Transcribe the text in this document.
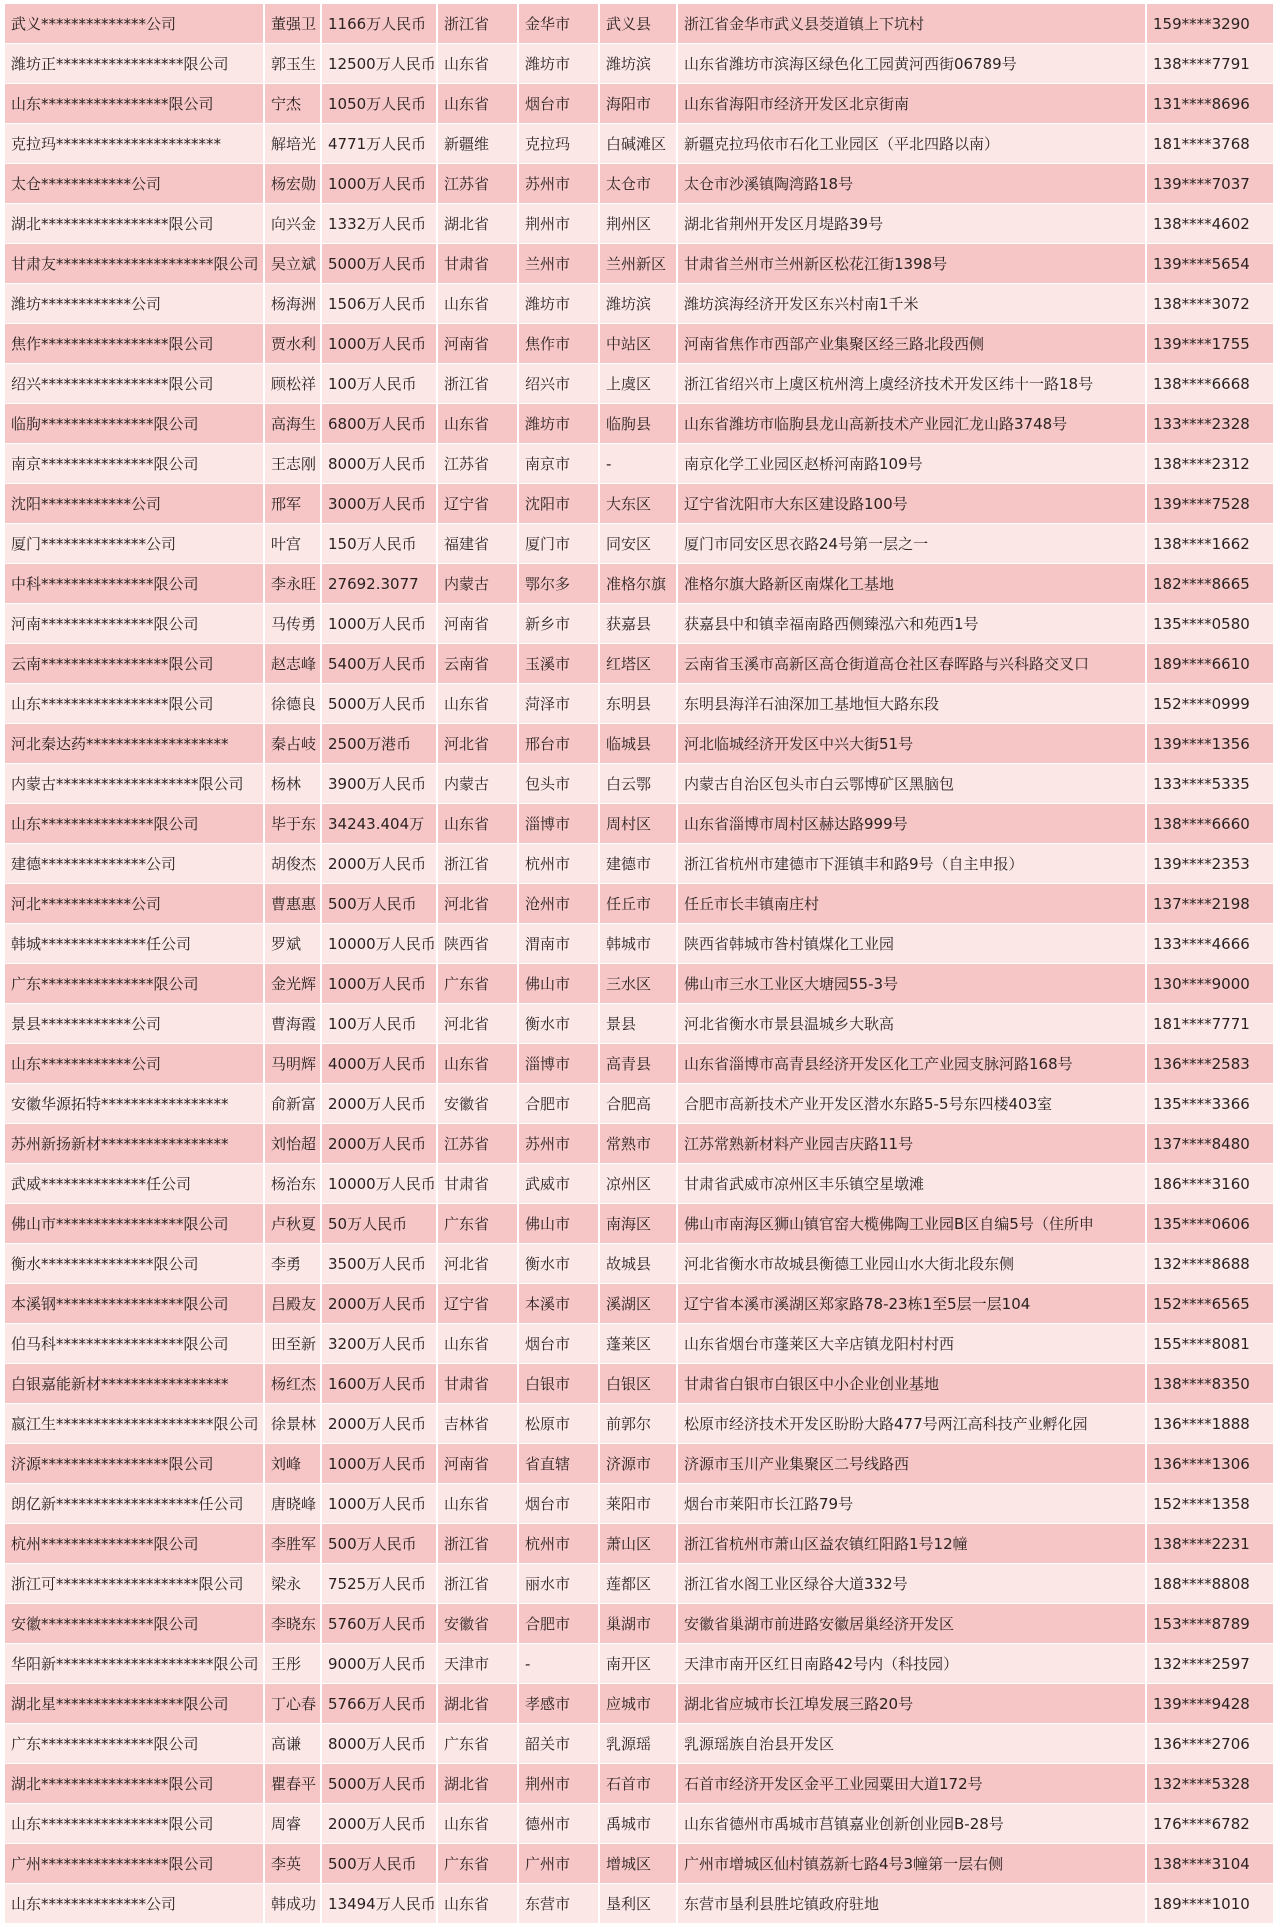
武义**************公司	董强卫	1166万人民币	浙江省	金华市	武义县	浙江省金华市武义县茭道镇上下坑村	159****3290
潍坊正*****************限公司	郭玉生	12500万人民币	山东省	潍坊市	潍坊滨	山东省潍坊市滨海区绿色化工园黄河西街06789号	138****7791
山东*****************限公司	宁杰	1050万人民币	山东省	烟台市	海阳市	山东省海阳市经济开发区北京街南	131****8696
克拉玛**********************	解培光	4771万人民币	新疆维	克拉玛	白碱滩区	新疆克拉玛依市石化工业园区（平北四路以南）	181****3768
太仓************公司	杨宏勋	1000万人民币	江苏省	苏州市	太仓市	太仓市沙溪镇陶湾路18号	139****7037
湖北*****************限公司	向兴金	1332万人民币	湖北省	荆州市	荆州区	湖北省荆州开发区月堤路39号	138****4602
甘肃友*********************限公司	吴立斌	5000万人民币	甘肃省	兰州市	兰州新区	甘肃省兰州市兰州新区松花江街1398号	139****5654
潍坊************公司	杨海洲	1506万人民币	山东省	潍坊市	潍坊滨	潍坊滨海经济开发区东兴村南1千米	138****3072
焦作*****************限公司	贾水利	1000万人民币	河南省	焦作市	中站区	河南省焦作市西部产业集聚区经三路北段西侧	139****1755
绍兴*****************限公司	顾松祥	100万人民币	浙江省	绍兴市	上虞区	浙江省绍兴市上虞区杭州湾上虞经济技术开发区纬十一路18号	138****6668
临朐***************限公司	高海生	6800万人民币	山东省	潍坊市	临朐县	山东省潍坊市临朐县龙山高新技术产业园汇龙山路3748号	133****2328
南京***************限公司	王志刚	8000万人民币	江苏省	南京市	-	南京化学工业园区赵桥河南路109号	138****2312
沈阳************公司	邢军	3000万人民币	辽宁省	沈阳市	大东区	辽宁省沈阳市大东区建设路100号	139****7528
厦门**************公司	叶宫	150万人民币	福建省	厦门市	同安区	厦门市同安区思衣路24号第一层之一	138****1662
中科***************限公司	李永旺	27692.3077	内蒙古	鄂尔多	准格尔旗	准格尔旗大路新区南煤化工基地	182****8665
河南***************限公司	马传勇	1000万人民币	河南省	新乡市	获嘉县	获嘉县中和镇幸福南路西侧臻泓六和苑西1号	135****0580
云南*****************限公司	赵志峰	5400万人民币	云南省	玉溪市	红塔区	云南省玉溪市高新区高仓街道高仓社区春晖路与兴科路交叉口	189****6610
山东*****************限公司	徐德良	5000万人民币	山东省	菏泽市	东明县	东明县海洋石油深加工基地恒大路东段	152****0999
河北秦达药*******************	秦占岐	2500万港币	河北省	邢台市	临城县	河北临城经济开发区中兴大街51号	139****1356
内蒙古*******************限公司	杨林	3900万人民币	内蒙古	包头市	白云鄂	内蒙古自治区包头市白云鄂博矿区黑脑包	133****5335
山东***************限公司	毕于东	34243.404万	山东省	淄博市	周村区	山东省淄博市周村区赫达路999号	138****6660
建德**************公司	胡俊杰	2000万人民币	浙江省	杭州市	建德市	浙江省杭州市建德市下涯镇丰和路9号（自主申报）	139****2353
河北************公司	曹惠惠	500万人民币	河北省	沧州市	任丘市	任丘市长丰镇南庄村	137****2198
韩城**************任公司	罗斌	10000万人民币	陕西省	渭南市	韩城市	陕西省韩城市昝村镇煤化工业园	133****4666
广东***************限公司	金光辉	1000万人民币	广东省	佛山市	三水区	佛山市三水工业区大塘园55-3号	130****9000
景县************公司	曹海霞	100万人民币	河北省	衡水市	景县	河北省衡水市景县温城乡大耿高	181****7771
山东************公司	马明辉	4000万人民币	山东省	淄博市	高青县	山东省淄博市高青县经济开发区化工产业园支脉河路168号	136****2583
安徽华源拓特*****************	俞新富	2000万人民币	安徽省	合肥市	合肥高	合肥市高新技术产业开发区潜水东路5-5号东四楼403室	135****3366
苏州新扬新材*****************	刘怡超	2000万人民币	江苏省	苏州市	常熟市	江苏常熟新材料产业园吉庆路11号	137****8480
武威**************任公司	杨治东	10000万人民币	甘肃省	武威市	凉州区	甘肃省武威市凉州区丰乐镇空星墩滩	186****3160
佛山市*****************限公司	卢秋夏	50万人民币	广东省	佛山市	南海区	佛山市南海区狮山镇官窑大榄佛陶工业园B区自编5号（住所申	135****0606
衡水***************限公司	李勇	3500万人民币	河北省	衡水市	故城县	河北省衡水市故城县衡德工业园山水大街北段东侧	132****8688
本溪钢*****************限公司	吕殿友	2000万人民币	辽宁省	本溪市	溪湖区	辽宁省本溪市溪湖区郑家路78-23栋1至5层一层104	152****6565
伯马科*****************限公司	田至新	3200万人民币	山东省	烟台市	蓬莱区	山东省烟台市蓬莱区大辛店镇龙阳村村西	155****8081
白银嘉能新材*****************	杨红杰	1600万人民币	甘肃省	白银市	白银区	甘肃省白银市白银区中小企业创业基地	138****8350
嬴江生*********************限公司	徐景林	2000万人民币	吉林省	松原市	前郭尔	松原市经济技术开发区盼盼大路477号两江高科技产业孵化园	136****1888
济源*****************限公司	刘峰	1000万人民币	河南省	省直辖	济源市	济源市玉川产业集聚区二号线路西	136****1306
朗亿新*******************任公司	唐晓峰	1000万人民币	山东省	烟台市	莱阳市	烟台市莱阳市长江路79号	152****1358
杭州***************限公司	李胜军	500万人民币	浙江省	杭州市	萧山区	浙江省杭州市萧山区益农镇红阳路1号12幢	138****2231
浙江可*******************限公司	梁永	7525万人民币	浙江省	丽水市	莲都区	浙江省水阁工业区绿谷大道332号	188****8808
安徽***************限公司	李晓东	5760万人民币	安徽省	合肥市	巢湖市	安徽省巢湖市前进路安徽居巢经济开发区	153****8789
华阳新*********************限公司	王彤	9000万人民币	天津市	-	南开区	天津市南开区红日南路42号内（科技园）	132****2597
湖北星*****************限公司	丁心春	5766万人民币	湖北省	孝感市	应城市	湖北省应城市长江埠发展三路20号	139****9428
广东***************限公司	高谦	8000万人民币	广东省	韶关市	乳源瑶	乳源瑶族自治县开发区	136****2706
湖北*****************限公司	瞿春平	5000万人民币	湖北省	荆州市	石首市	石首市经济开发区金平工业园粟田大道172号	132****5328
山东*****************限公司	周睿	2000万人民币	山东省	德州市	禹城市	山东省德州市禹城市莒镇嘉业创新创业园B-28号	176****6782
广州*****************限公司	李英	500万人民币	广东省	广州市	增城区	广州市增城区仙村镇荔新七路4号3幢第一层右侧	138****3104
山东**************公司	韩成功	13494万人民币	山东省	东营市	垦利区	东营市垦利县胜坨镇政府驻地	189****1010
